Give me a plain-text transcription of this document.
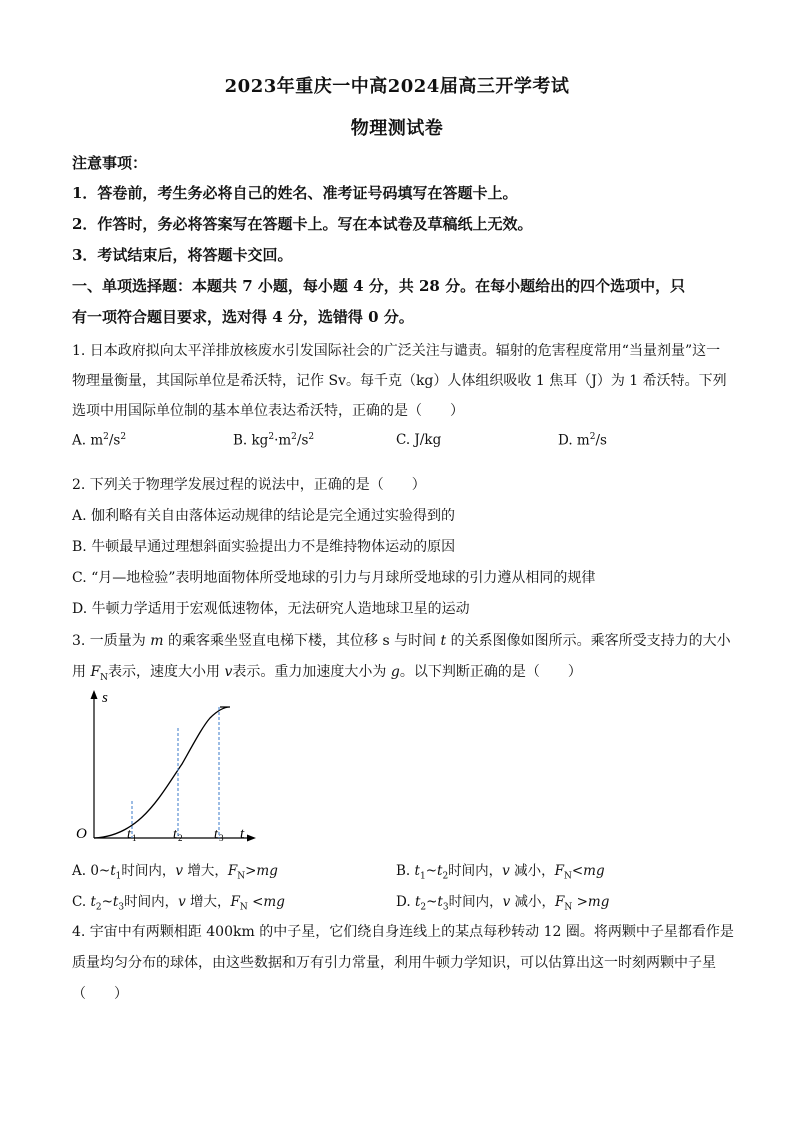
2023年重庆一中高2024届高三开学考试
物理测试卷
注意事项：
1．答卷前，考生务必将自己的姓名、准考证号码填写在答题卡上。
2．作答时，务必将答案写在答题卡上。写在本试卷及草稿纸上无效。
3．考试结束后，将答题卡交回。
一、单项选择题：本题共 7 小题，每小题 4 分，共 28 分。在每小题给出的四个选项中，只
有一项符合题目要求，选对得 4 分，选错得 0 分。
1. 日本政府拟向太平洋排放核废水引发国际社会的广泛关注与谴责。辐射的危害程度常用“当量剂量”这一
物理量衡量，其国际单位是希沃特，记作 Sv。每千克（kg）人体组织吸收 1 焦耳（J）为 1 希沃特。下列
选项中用国际单位制的基本单位表达希沃特，正确的是（　　）
A. $m^2/s^2$	B. $kg^2\cdot m^2/s^2$	C. J/kg	D. $m^2/s$
2. 下列关于物理学发展过程的说法中，正确的是（　　）
A. 伽利略有关自由落体运动规律的结论是完全通过实验得到的
B. 牛顿最早通过理想斜面实验提出力不是维持物体运动的原因
C. “月—地检验”表明地面物体所受地球的引力与月球所受地球的引力遵从相同的规律
D. 牛顿力学适用于宏观低速物体，无法研究人造地球卫星的运动
3. 一质量为 m 的乘客乘坐竖直电梯下楼，其位移 s 与时间 t 的关系图像如图所示。乘客所受支持力的大小
用 $F_N$表示，速度大小用 v表示。重力加速度大小为 g。以下判断正确的是（　　）
s
O	t
t 1	t 2 t 3
A. $0\sim t_1$时间内，v 增大，$F_N>mg$	B. $t_1\sim t_2$时间内，v 减小，$F_N<mg$
C. $t_2\sim t_3$时间内，v 增大，$F_N <mg$	D. $t_2\sim t_3$时间内，v 减小，$F_N >mg$
4. 宇宙中有两颗相距 400km 的中子星，它们绕自身连线上的某点每秒转动 12 圈。将两颗中子星都看作是
质量均匀分布的球体，由这些数据和万有引力常量，利用牛顿力学知识，可以估算出这一时刻两颗中子星
（　　）
